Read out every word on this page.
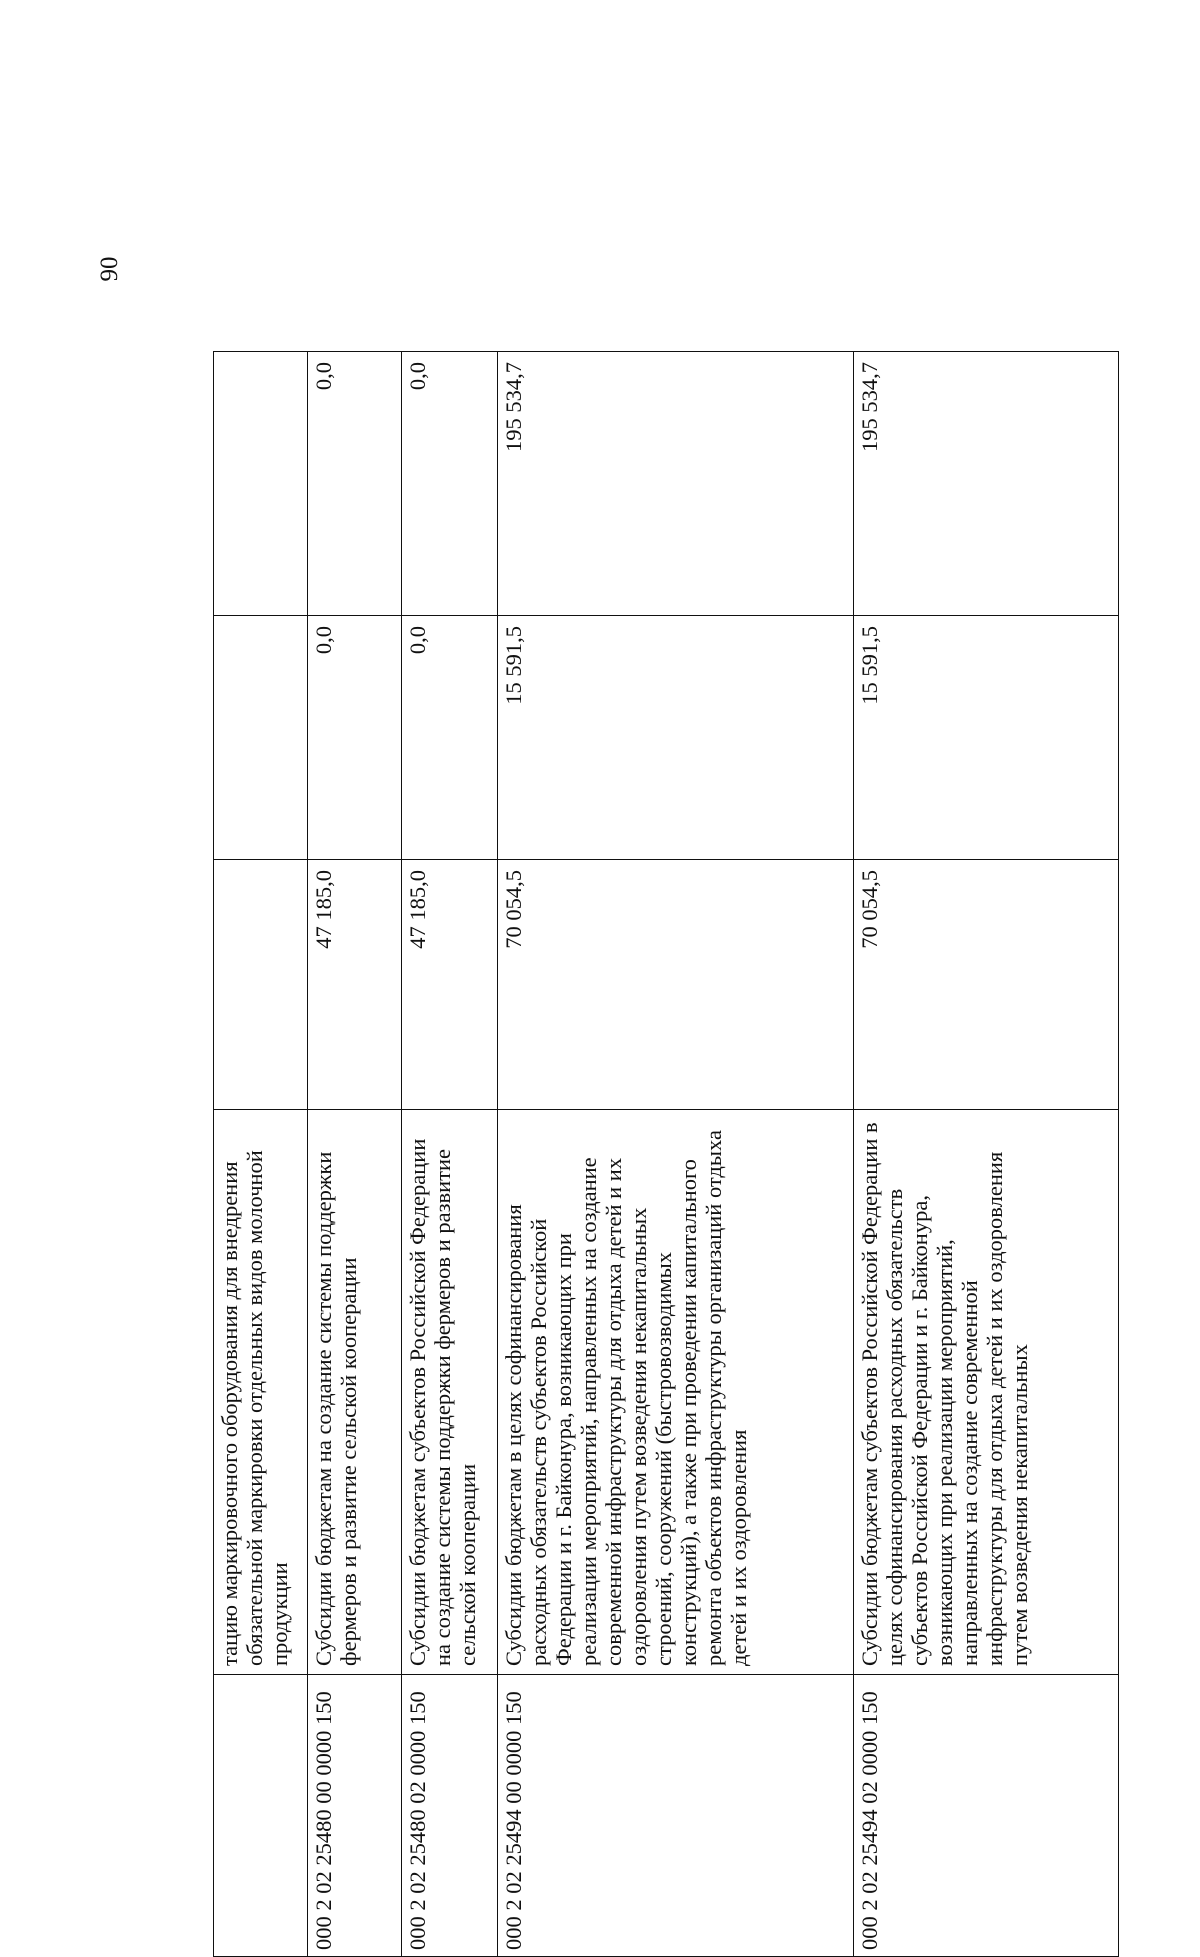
90
	тацию маркировочного оборудования для внедрения обязательной маркировки отдельных видов молочной продукции			
000 2 02 25480 00 0000 150	Субсидии бюджетам на создание системы поддержки фермеров и развитие сельской кооперации	47 185,0	0,0	0,0
000 2 02 25480 02 0000 150	Субсидии бюджетам субъектов Российской Федерации на создание системы поддержки фермеров и развитие сельской кооперации	47 185,0	0,0	0,0
000 2 02 25494 00 0000 150	Субсидии бюджетам в целях софинансирования расходных обязательств субъектов Российской Федерации и г. Байконура, возникающих при реализации мероприятий, направленных на создание современной инфраструктуры для отдыха детей и их оздоровления путем возведения некапитальных строений, сооружений (быстровозводимых конструкций), а также при проведении капитального ремонта объектов инфраструктуры организаций отдыха детей и их оздоровления	70 054,5	15 591,5	195 534,7
000 2 02 25494 02 0000 150	Субсидии бюджетам субъектов Российской Федерации в целях софинансирования расходных обязательств субъектов Российской Федерации и г. Байконура, возникающих при реализации мероприятий, направленных на создание современной инфраструктуры для отдыха детей и их оздоровления путем возведения некапитальных	70 054,5	15 591,5	195 534,7
